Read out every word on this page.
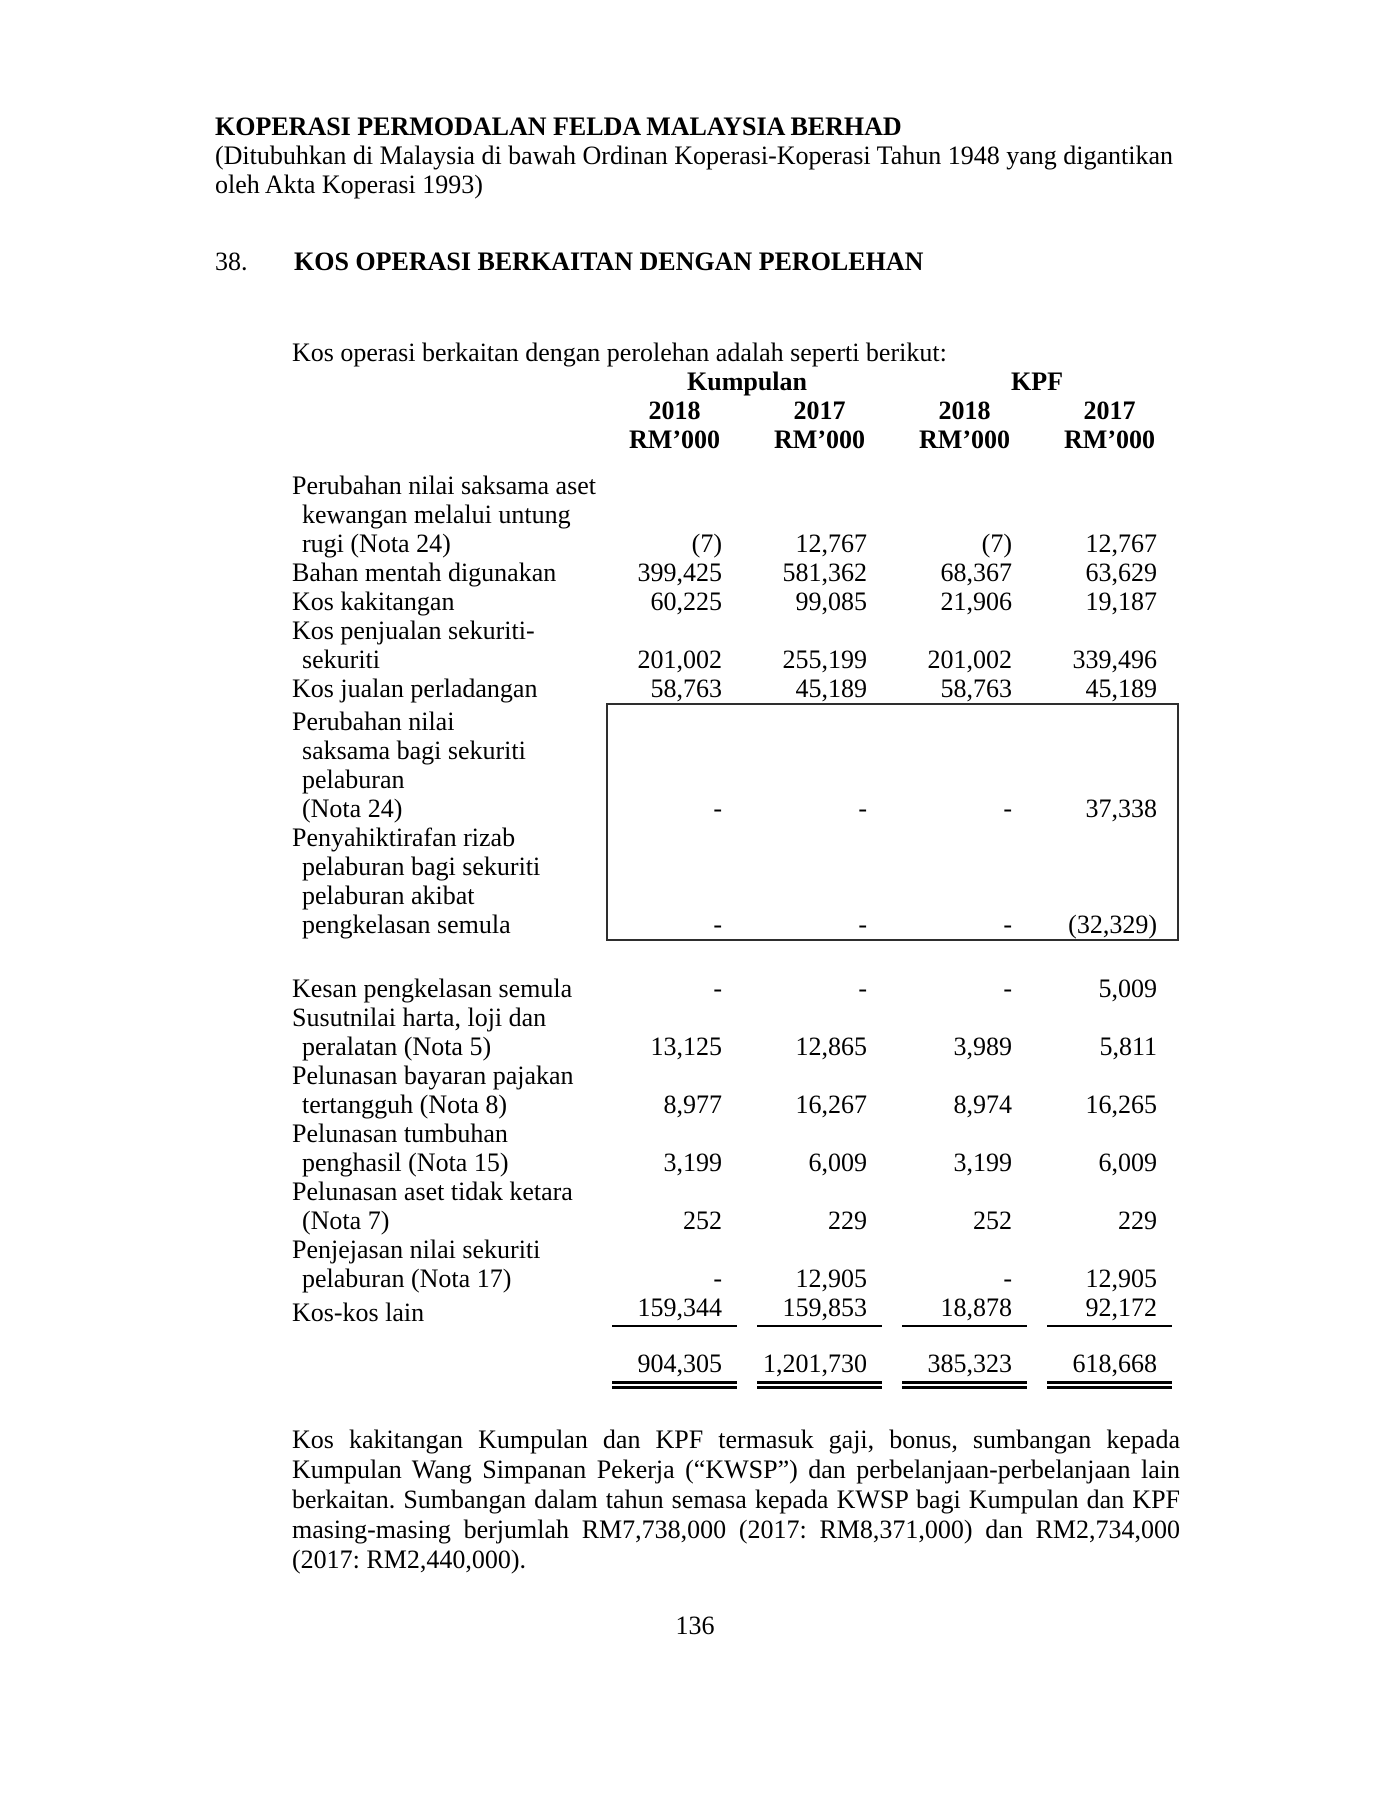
KOPERASI PERMODALAN FELDA MALAYSIA BERHAD
(Ditubuhkan di Malaysia di bawah Ordinan Koperasi-Koperasi Tahun 1948 yang digantikan
oleh Akta Koperasi 1993)
38.	KOS OPERASI BERKAITAN DENGAN PEROLEHAN
Kos operasi berkaitan dengan perolehan adalah seperti berikut:
Kumpulan	KPF
2018	2017	2018	2017
RM’000	RM’000	RM’000	RM’000
Perubahan nilai saksama aset
kewangan melalui untung
rugi (Nota 24)	(7)	12,767	(7)	12,767
Bahan mentah digunakan	399,425	581,362	68,367	63,629
Kos kakitangan	60,225	99,085	21,906	19,187
Kos penjualan sekuriti-
sekuriti	201,002	255,199	201,002	339,496
Kos jualan perladangan	58,763	45,189	58,763	45,189
Perubahan nilai
saksama bagi sekuriti
pelaburan
(Nota 24)	-	-	-	37,338
Penyahiktirafan rizab
pelaburan bagi sekuriti
pelaburan akibat
pengkelasan semula	-	-	-	(32,329)
Kesan pengkelasan semula	-	-	-	5,009
Susutnilai harta, loji dan
peralatan (Nota 5)	13,125	12,865	3,989	5,811
Pelunasan bayaran pajakan
tertangguh (Nota 8)	8,977	16,267	8,974	16,265
Pelunasan tumbuhan
penghasil (Nota 15)	3,199	6,009	3,199	6,009
Pelunasan aset tidak ketara
(Nota 7)	252	229	252	229
Penjejasan nilai sekuriti
pelaburan (Nota 17)	-	12,905	-	12,905
Kos-kos lain	159,344	159,853	18,878	92,172
904,305	1,201,730	385,323	618,668
Kos kakitangan Kumpulan dan KPF termasuk gaji, bonus, sumbangan kepada
Kumpulan Wang Simpanan Pekerja (“KWSP”) dan perbelanjaan-perbelanjaan lain
berkaitan. Sumbangan dalam tahun semasa kepada KWSP bagi Kumpulan dan KPF
masing-masing berjumlah RM7,738,000 (2017: RM8,371,000) dan RM2,734,000
(2017: RM2,440,000).
136
